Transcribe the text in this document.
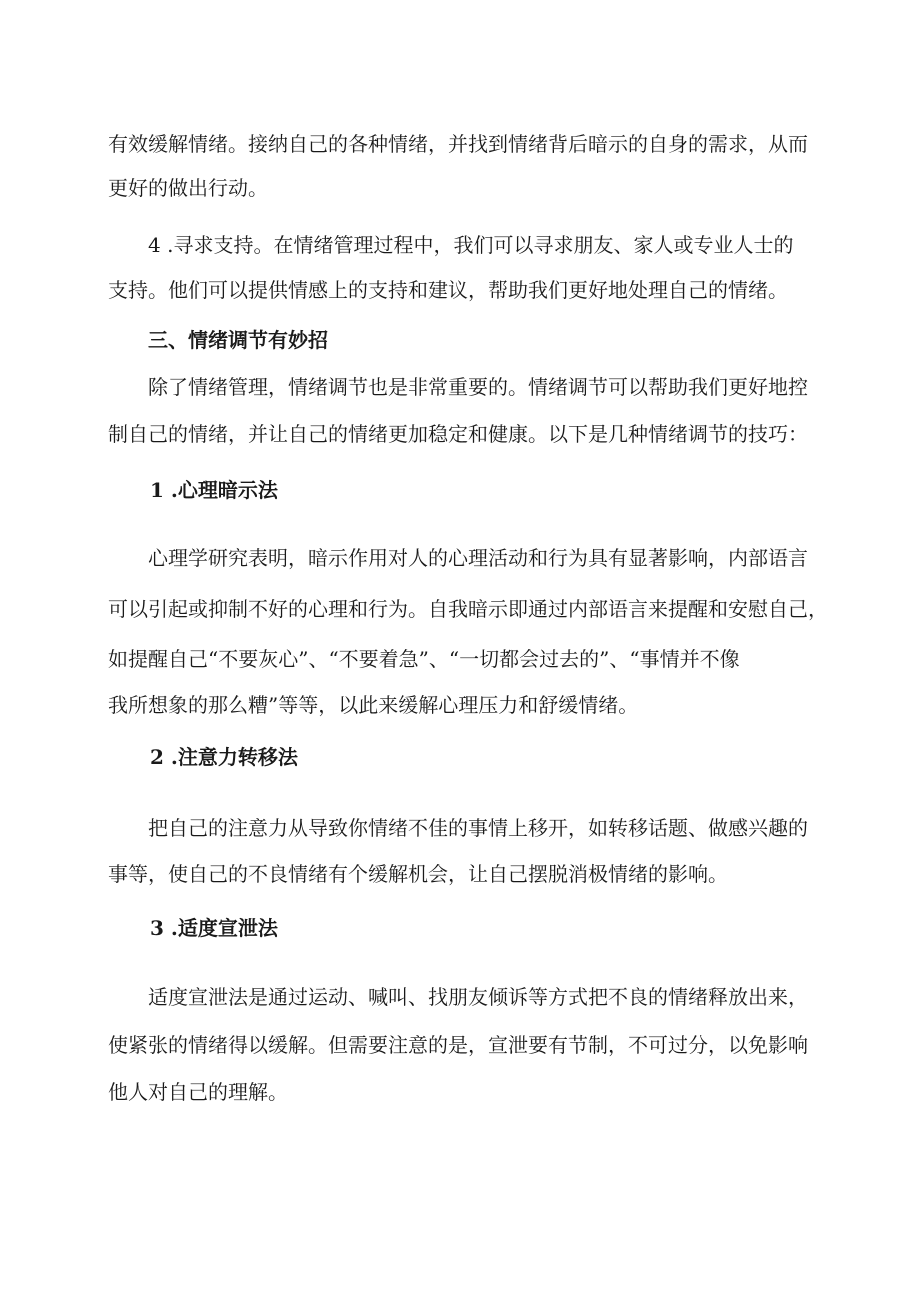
有效缓解情绪。接纳自己的各种情绪，并找到情绪背后暗示的自身的需求，从而
更好的做出行动。
4 .寻求支持。在情绪管理过程中，我们可以寻求朋友、家人或专业人士的
支持。他们可以提供情感上的支持和建议，帮助我们更好地处理自己的情绪。
三、情绪调节有妙招
除了情绪管理，情绪调节也是非常重要的。情绪调节可以帮助我们更好地控
制自己的情绪，并让自己的情绪更加稳定和健康。以下是几种情绪调节的技巧：
1 .心理暗示法
心理学研究表明，暗示作用对人的心理活动和行为具有显著影响，内部语言
可以引起或抑制不好的心理和行为。自我暗示即通过内部语言来提醒和安慰自己，
如提醒自己“不要灰心”、“不要着急”、“一切都会过去的”、“事情并不像
我所想象的那么糟”等等，以此来缓解心理压力和舒缓情绪。
2 .注意力转移法
把自己的注意力从导致你情绪不佳的事情上移开，如转移话题、做感兴趣的
事等，使自己的不良情绪有个缓解机会，让自己摆脱消极情绪的影响。
3 .适度宣泄法
适度宣泄法是通过运动、喊叫、找朋友倾诉等方式把不良的情绪释放出来，
使紧张的情绪得以缓解。但需要注意的是，宣泄要有节制，不可过分，以免影响
他人对自己的理解。
